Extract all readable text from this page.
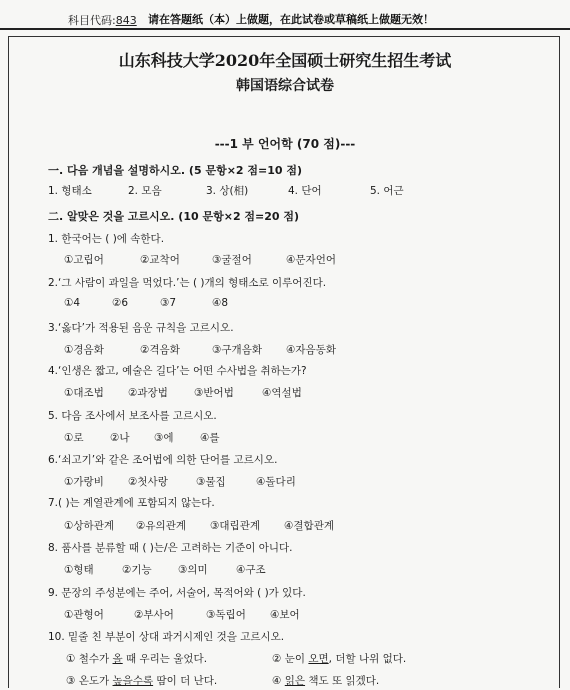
科目代码:843 请在答题纸（本）上做题，在此试卷或草稿纸上做题无效！
山东科技大学2020年全国硕士研究生招生考试
韩国语综合试卷
---1 부 언어학 (70 점)---
一. 다음 개념을 설명하시오. (5 문항×2 점=10 점)
1. 형태소	2. 모음	3. 상(相)	4. 단어	5. 어근
二. 알맞은 것을 고르시오. (10 문항×2 점=20 점)
1. 한국어는 ( )에 속한다.
①고립어	②교착어	③굴절어	④문자언어
2.‘그 사람이 과일을 먹었다.’는 ( )개의 형태소로 이루어진다.
①4	②6	③7	④8
3.‘옳다’가 적용된 음운 규칙을 고르시오.
①경음화	②격음화	③구개음화 ④자음동화
4.‘인생은 짧고, 예술은 길다’는 어떤 수사법을 취하는가?
①대조법 ②과장법 ③반어법	④역설법
5. 다음 조사에서 보조사를 고르시오.
①로	②나 ③에	④를
6.‘쇠고기’와 같은 조어법에 의한 단어를 고르시오.
①가랑비 ②첫사랑	③물집	④돌다리
7.( )는 계열관계에 포함되지 않는다.
①상하관계 ②유의관계 ③대립관계 ④결합관계
8. 품사를 분류할 때 ( )는/은 고려하는 기준이 아니다.
①형태	②기능	③의미	④구조
9. 문장의 주성분에는 주어, 서술어, 목적어와 ( )가 있다.
①관형어	②부사어	③독립어 ④보어
10. 밑줄 친 부분이 상대 과거시제인 것을 고르시오.
① 철수가 올 때 우리는 울었다.	② 눈이 오면, 더할 나위 없다.
③ 온도가 높을수록 땀이 더 난다.	④ 읽은 책도 또 읽겠다.
